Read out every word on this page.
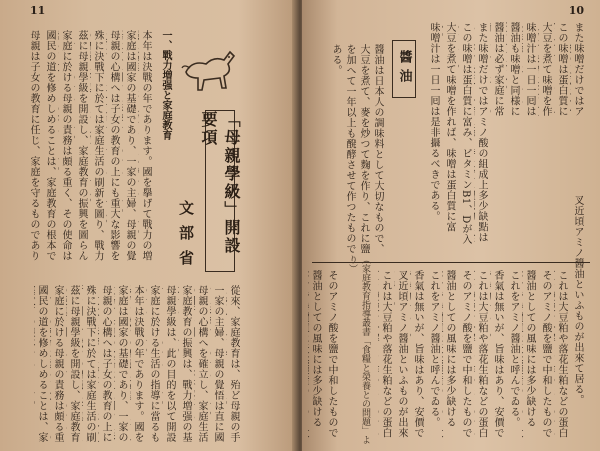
11
「母親學級」開設要項
文部省
一、戰力増强と家庭教育
本年は決戰の年であります。國を擧げて戰力の増
家庭は國家の基礎であり、一家の主婦、母親の覺
母親の心構へは子女の教育の上にも重大な影響を
殊に決戰下に於ては家庭生活の刷新を圖り、戰力
茲に母親學級を開設し、家庭教育の振興を圖らん
家庭に於ける母親の責務は頗る重く、その使命は
國民の道を修めしめることは、家庭教育の根本で
母親は子女の教育に任じ、家庭を守るものであり
從來、家庭教育は、殆ど母親の手
一家の主婦、母親の覺悟は直に國
母親の心構へを確立し、家庭生活
家庭教育の振興は、戰力増强の基
母親學級は、此の目的を以て開設
家庭に於ける生活の指導に當るも
本年は決戰の年であります。國を
家庭は國家の基礎であり、一家の
母親の心構へは子女の教育の上に
殊に決戰下に於ては家庭生活の刷
茲に母親學級を開設し、家庭教育
家庭に於ける母親の責務は頗る重
國民の道を修めしめることは、家
10
また味噌だけではア
この味噌は蛋白質に
大豆を煮て味噌を作
味噌汁は一日一囘は
醬油も味噌と同様に
醬油は必ず家庭に常
醬油
醬油は日本人の調味料として大切なもので、大豆を煮て、麥を炒つて麴を作り、これに鹽を加へて一年以上も醗酵させて作つたものである。
また味噌だけではアミノ酸の組成上多少缺點は
この味噌は蛋白質に富み、ビタミンB1、Dが入
大豆を煮て味噌を作れば、味噌は蛋白質に富
味噌汁は一日一囘は是非攝るべきである。
叉近頃アミノ醬油といふものが出來て居る。
これは大豆粕や落花生粕などの蛋白
そのアミノ酸を鹽で中和したもので
醬油としての風味には多少缺ける
これをアミノ醬油と呼んでゐる。
香氣は無いが、旨味はあり、安價で
これは大豆粕や落花生粕などの蛋白
そのアミノ酸を鹽で中和したもので
醬油としての風味には多少缺ける
これをアミノ醬油と呼んでゐる。
香氣は無いが、旨味はあり、安價で
叉近頃アミノ醬油といふものが出來
これは大豆粕や落花生粕などの蛋白
（家庭教育指導叢書「食糧と榮養との問題」より）
そのアミノ酸を鹽で中和したもので
醬油としての風味には多少缺ける
